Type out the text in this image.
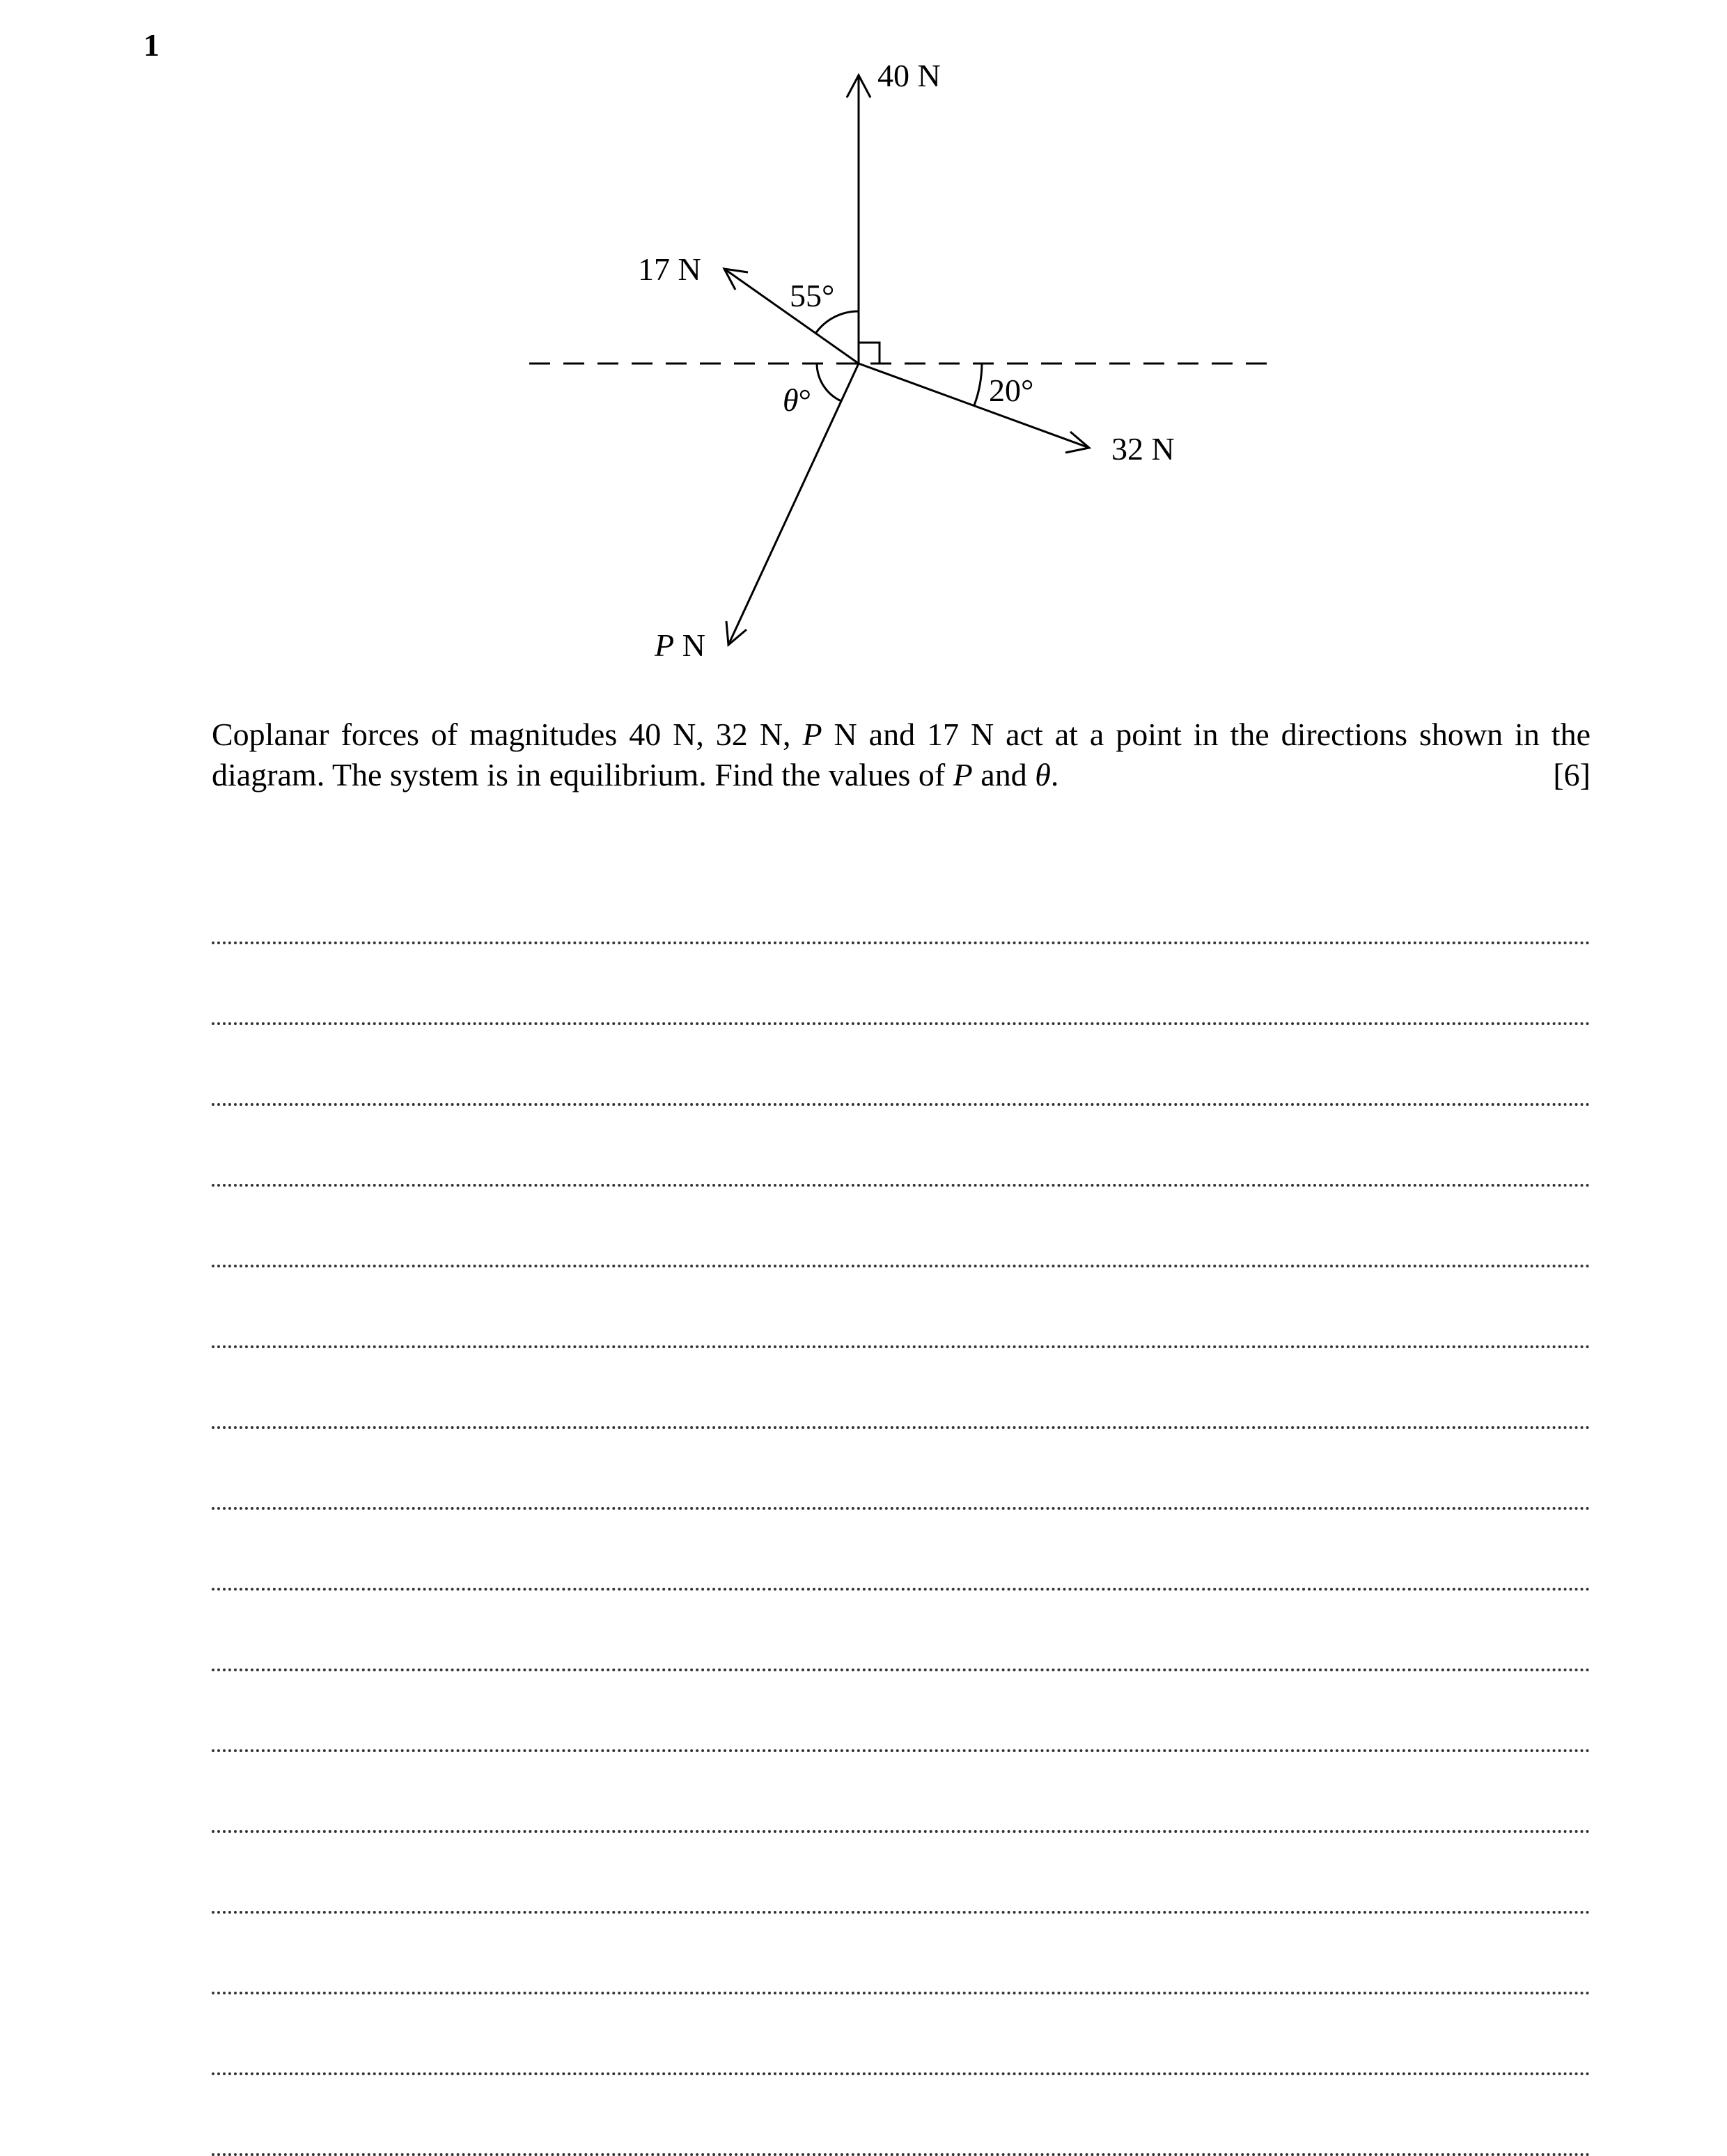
1
40 N
17 N
32 N
P N
55°
20°
θ°
Coplanar forces of magnitudes 40 N, 32 N, P N and 17 N act at a point in the directions shown in the
diagram. The system is in equilibrium. Find the values of P and θ.	[6]
